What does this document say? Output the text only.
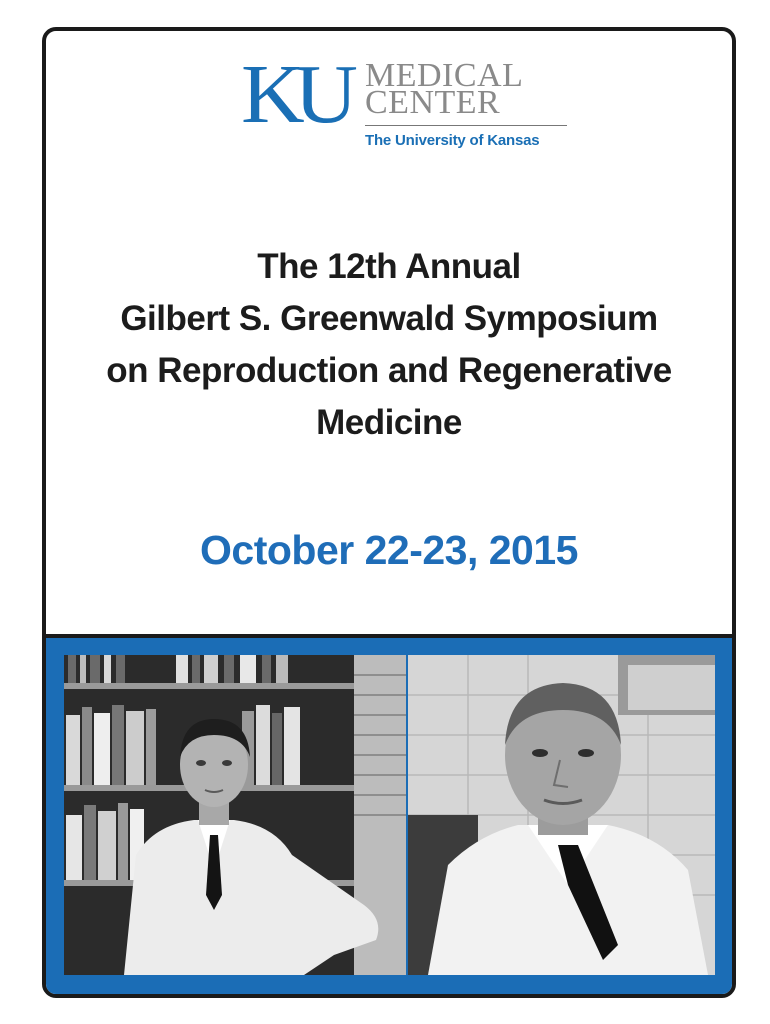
KU MEDICAL
CENTER
The University of Kansas
The 12th Annual
Gilbert S. Greenwald Symposium
on Reproduction and Regenerative
Medicine
October 22-23, 2015
